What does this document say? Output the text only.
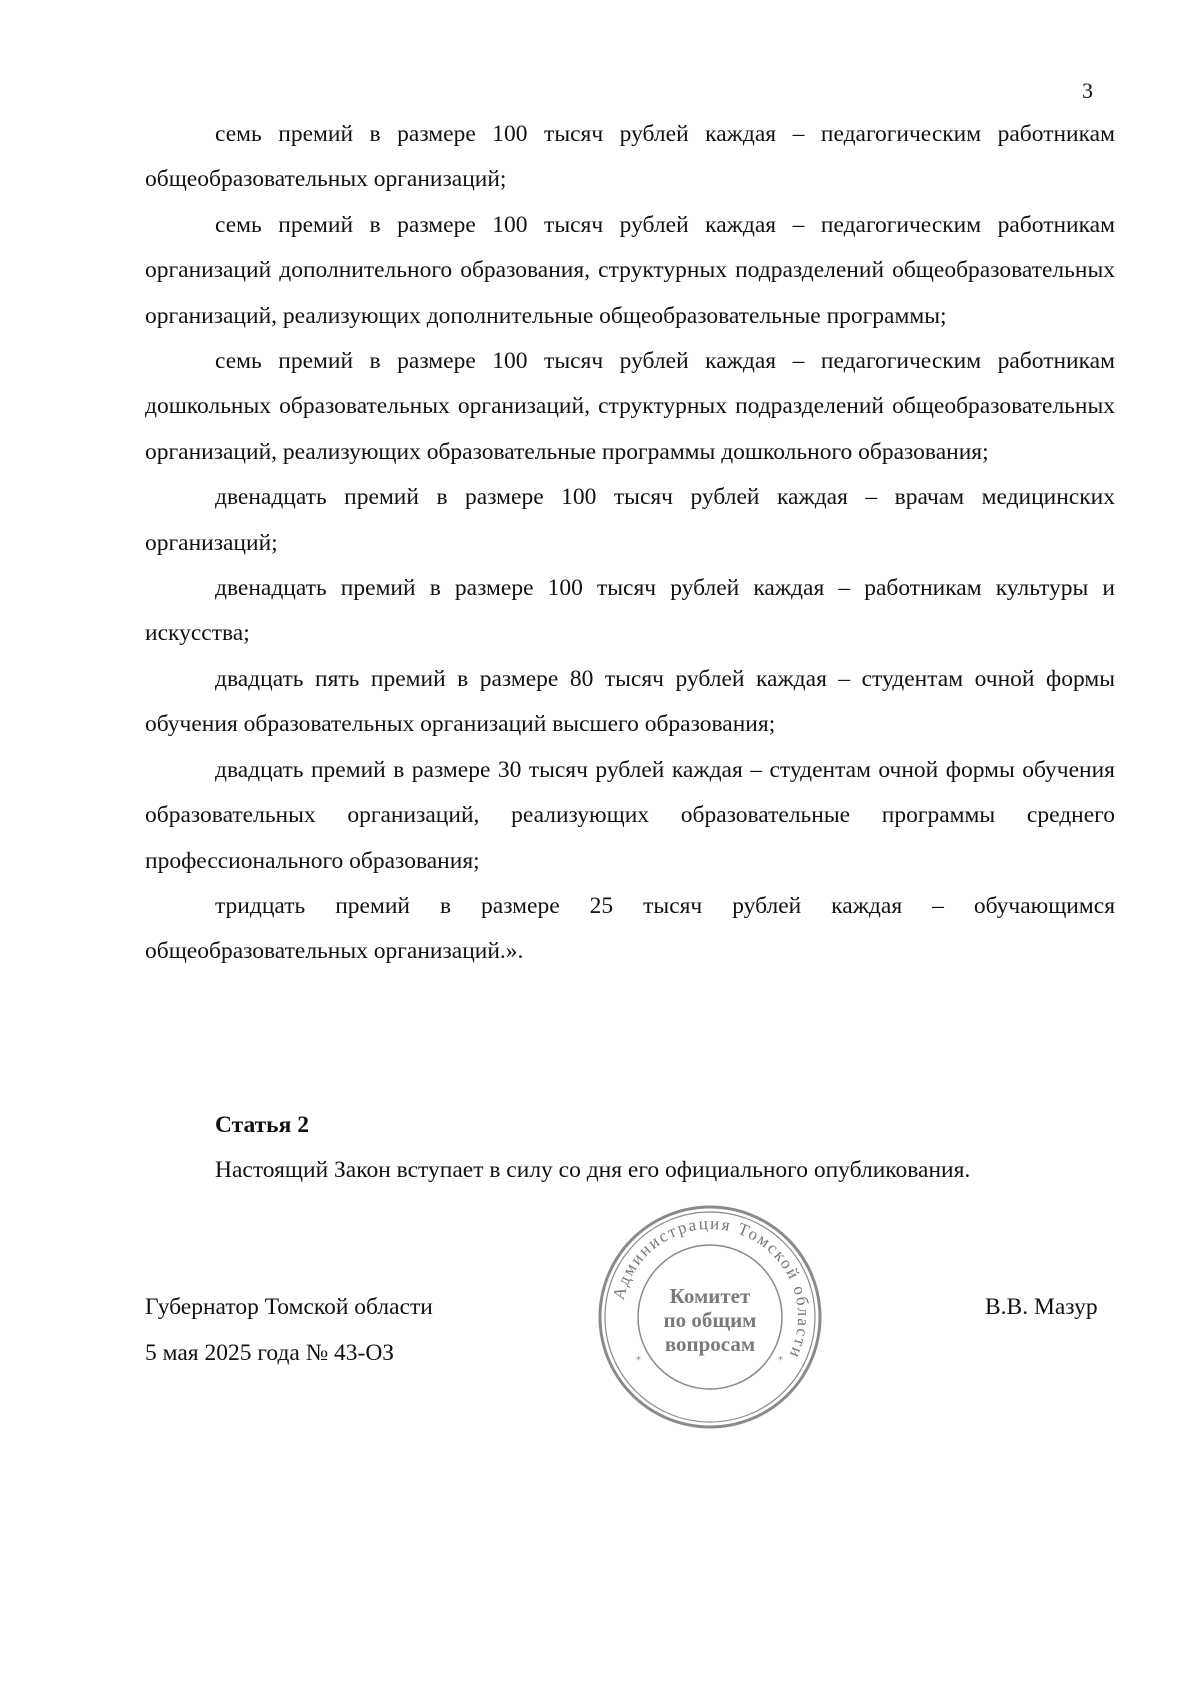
3

семь премий в размере 100 тысяч рублей каждая – педагогическим работникам общеобразовательных организаций;

семь премий в размере 100 тысяч рублей каждая – педагогическим работникам организаций дополнительного образования, структурных подразделений общеобразовательных организаций, реализующих дополнительные общеобразовательные программы;

семь премий в размере 100 тысяч рублей каждая – педагогическим работникам дошкольных образовательных организаций, структурных подразделений общеобразовательных организаций, реализующих образовательные программы дошкольного образования;

двенадцать премий в размере 100 тысяч рублей каждая – врачам медицинских организаций;

двенадцать премий в размере 100 тысяч рублей каждая – работникам культуры и искусства;

двадцать пять премий в размере 80 тысяч рублей каждая – студентам очной формы обучения образовательных организаций высшего образования;

двадцать премий в размере 30 тысяч рублей каждая – студентам очной формы обучения образовательных организаций, реализующих образовательные программы среднего профессионального образования;

тридцать премий в размере 25 тысяч рублей каждая – обучающимся общеобразовательных организаций.».

Статья 2
Настоящий Закон вступает в силу со дня его официального опубликования.
Губернатор Томской области
5 мая 2025 года № 43-ОЗ
В.В. Мазур
Администрация Томской области
Комитет
по общим
вопросам
*	*
